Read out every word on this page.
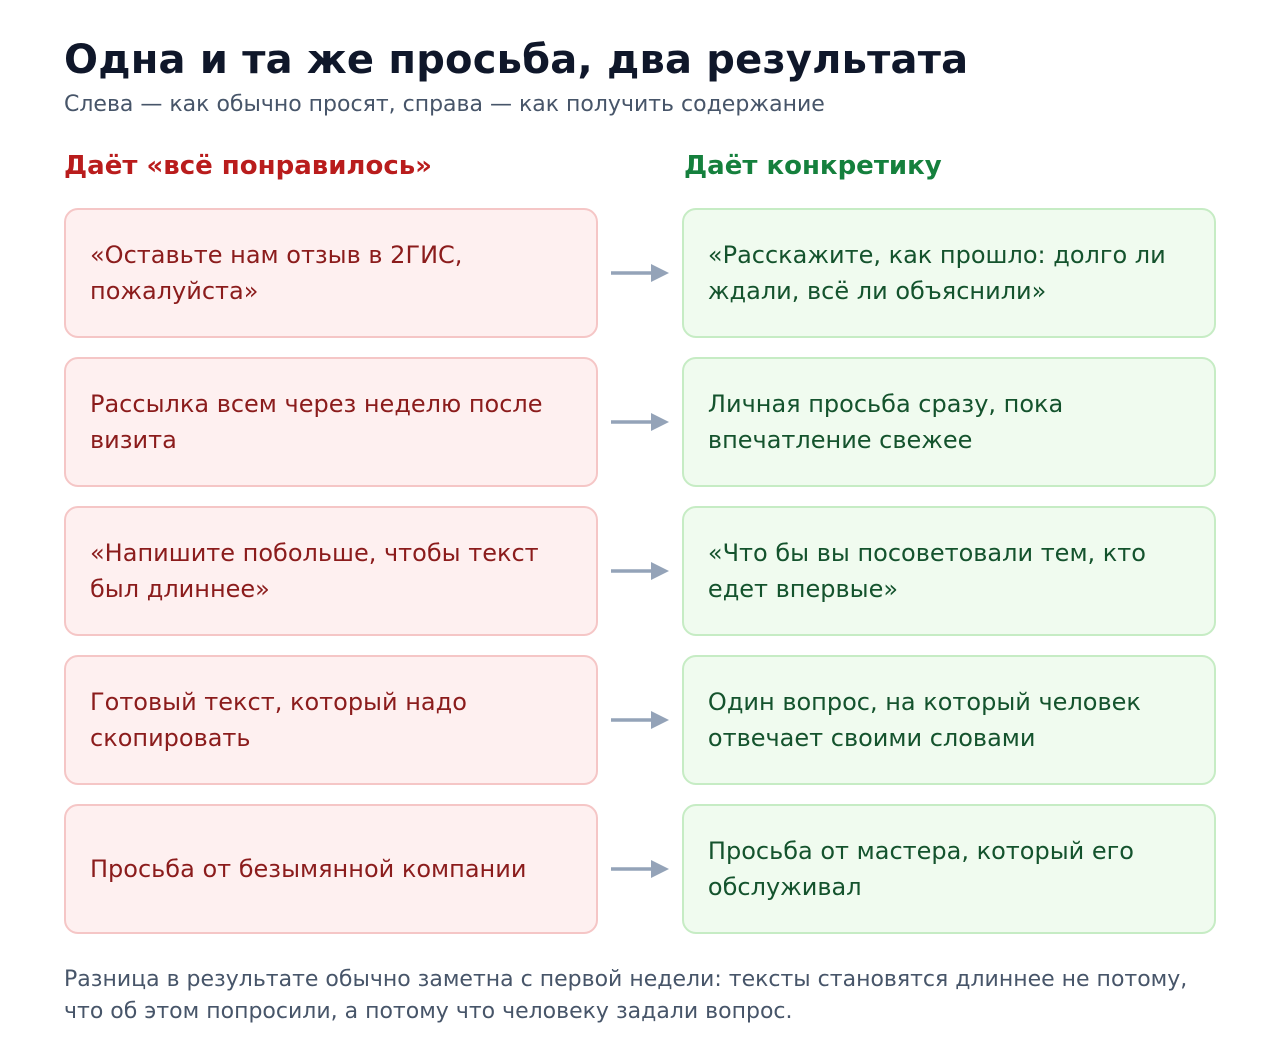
Одна и та же просьба, два результата

Слева — как обычно просят, справа — как получить содержание

Даёт «всё понравилось»	Даёт конкретику
«Оставьте нам отзыв в 2ГИС, пожалуйста»
«Расскажите, как прошло: долго ли ждали, всё ли объяснили»
Рассылка всем через неделю после визита
Личная просьба сразу, пока впечатление свежее
«Напишите побольше, чтобы текст был длиннее»
«Что бы вы посоветовали тем, кто едет впервые»
Готовый текст, который надо скопировать
Один вопрос, на который человек отвечает своими словами
Просьба от безымянной компании
Просьба от мастера, который его обслуживал

Разница в результате обычно заметна с первой недели: тексты становятся длиннее не потому, что об этом попросили, а потому что человеку задали вопрос.
